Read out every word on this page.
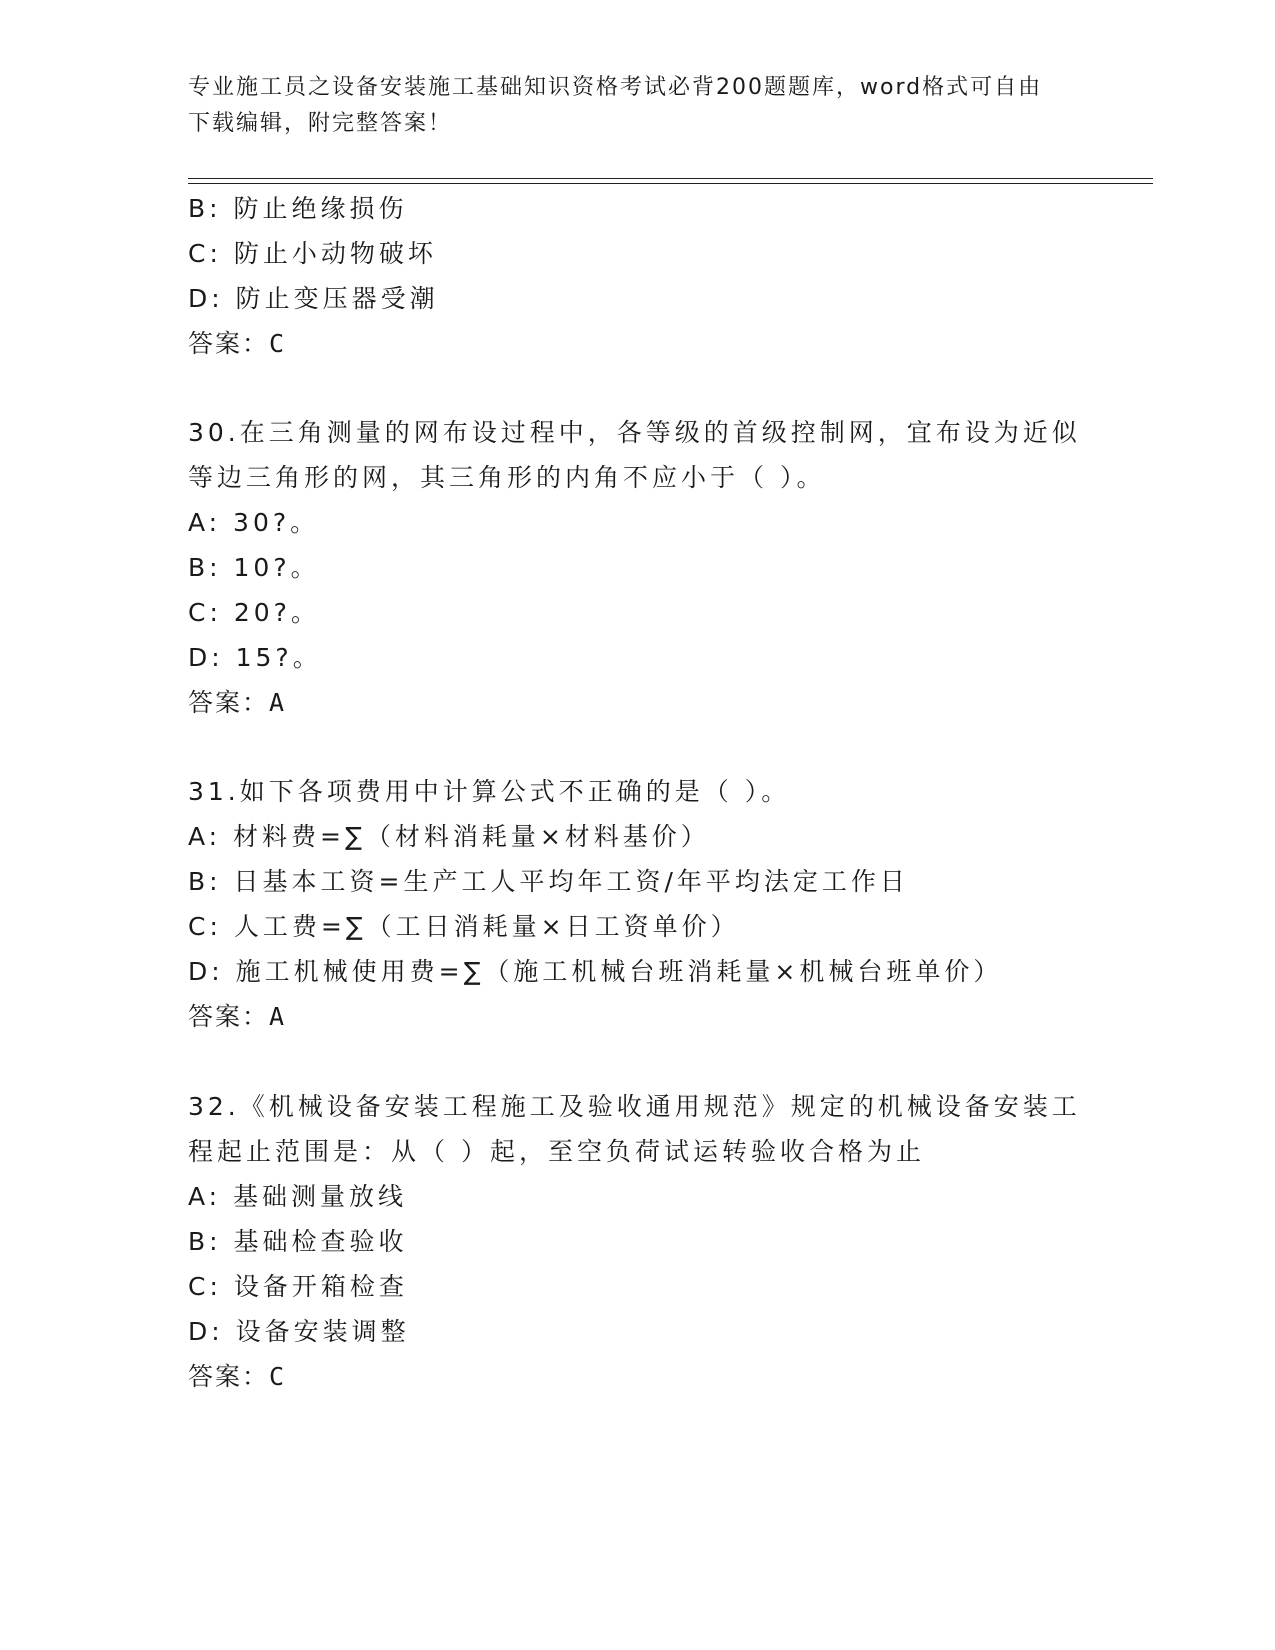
专业施工员之设备安装施工基础知识资格考试必背200题题库，word格式可自由
下载编辑，附完整答案！
B: 防止绝缘损伤
C: 防止小动物破坏
D: 防止变压器受潮
答案：C
30.在三角测量的网布设过程中，各等级的首级控制网，宜布设为近似
等边三角形的网，其三角形的内角不应小于（ ）。
A: 30?。
B: 10?。
C: 20?。
D: 15?。
答案：A
31.如下各项费用中计算公式不正确的是（ ）。
A: 材料费=∑（材料消耗量×材料基价）
B: 日基本工资=生产工人平均年工资/年平均法定工作日
C: 人工费=∑（工日消耗量×日工资单价）
D: 施工机械使用费=∑（施工机械台班消耗量×机械台班单价）
答案：A
32.《机械设备安装工程施工及验收通用规范》规定的机械设备安装工
程起止范围是：从（ ）起，至空负荷试运转验收合格为止
A: 基础测量放线
B: 基础检查验收
C: 设备开箱检查
D: 设备安装调整
答案：C
